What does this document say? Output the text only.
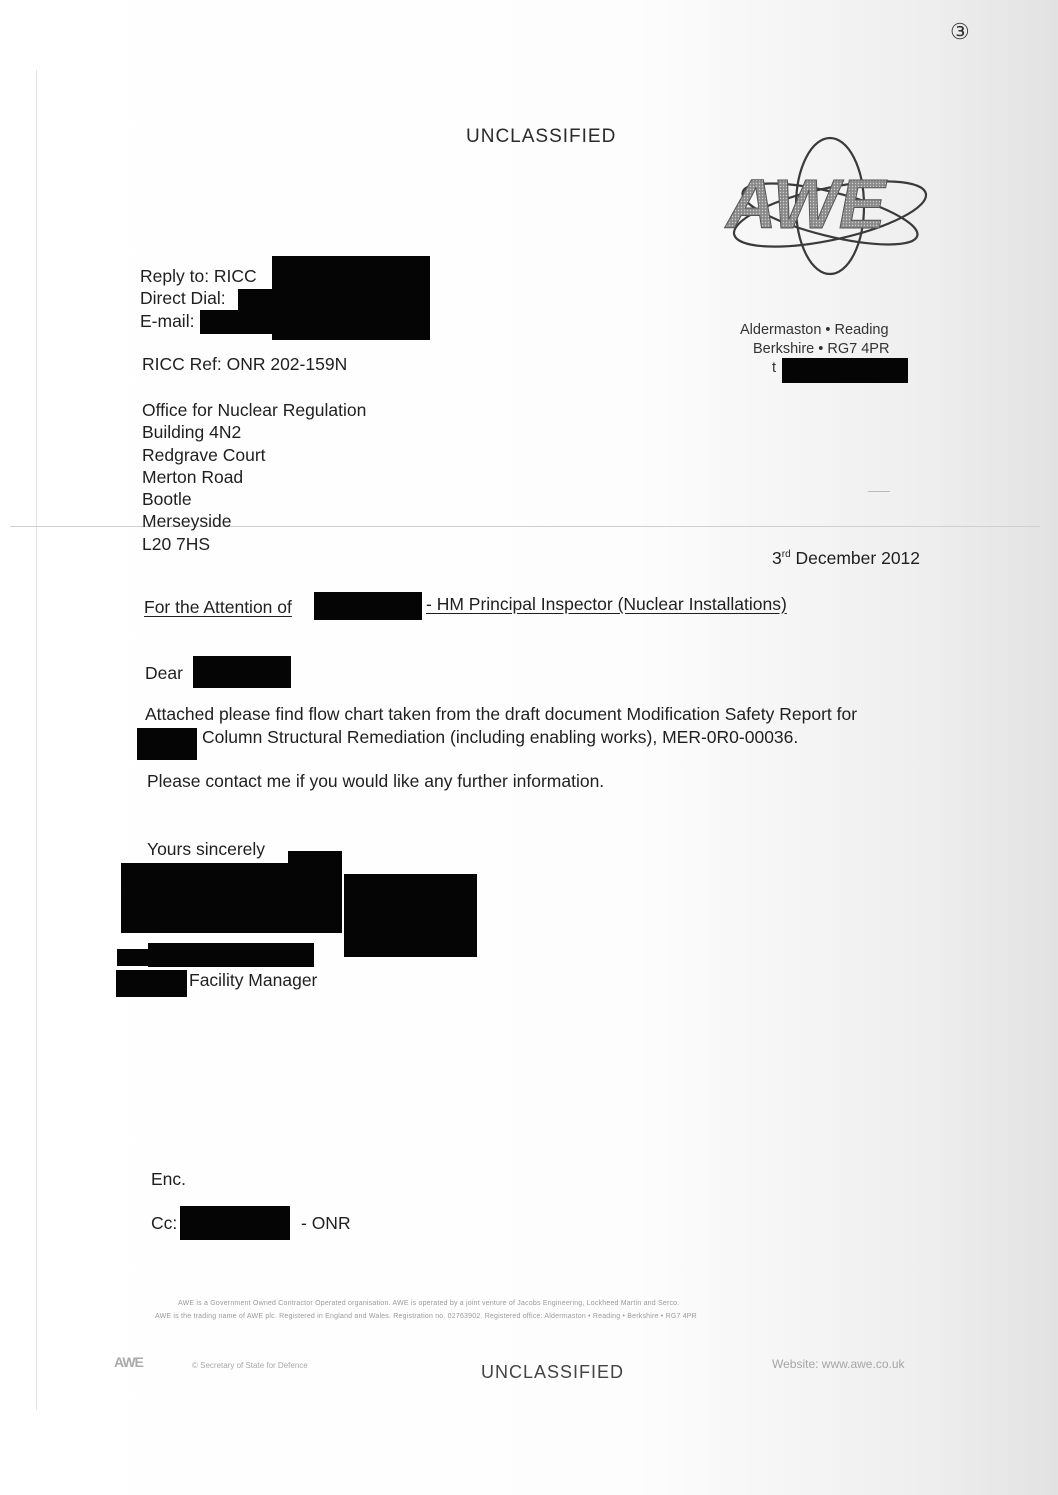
③
UNCLASSIFIED
AWE
Aldermaston • Reading
Berkshire • RG7 4PR
t
Reply to: RICC
Direct Dial:
E-mail:
RICC Ref: ONR 202-159N
Office for Nuclear Regulation
Building 4N2
Redgrave Court
Merton Road
Bootle
Merseyside
L20 7HS
3rd December 2012
For the Attention of	- HM Principal Inspector (Nuclear Installations)
Dear
Attached please find flow chart taken from the draft document Modification Safety Report for
Column Structural Remediation (including enabling works), MER-0R0-00036.
Please contact me if you would like any further information.
Yours sincerely
Facility Manager
Enc.
Cc:	- ONR
AWE is a Government Owned Contractor Operated organisation. AWE is operated by a joint venture of Jacobs Engineering, Lockheed Martin and Serco.
AWE is the trading name of AWE plc. Registered in England and Wales. Registration no. 02763902. Registered office: Aldermaston • Reading • Berkshire • RG7 4PR
AWE	© Secretary of State for Defence	UNCLASSIFIED	Website: www.awe.co.uk
